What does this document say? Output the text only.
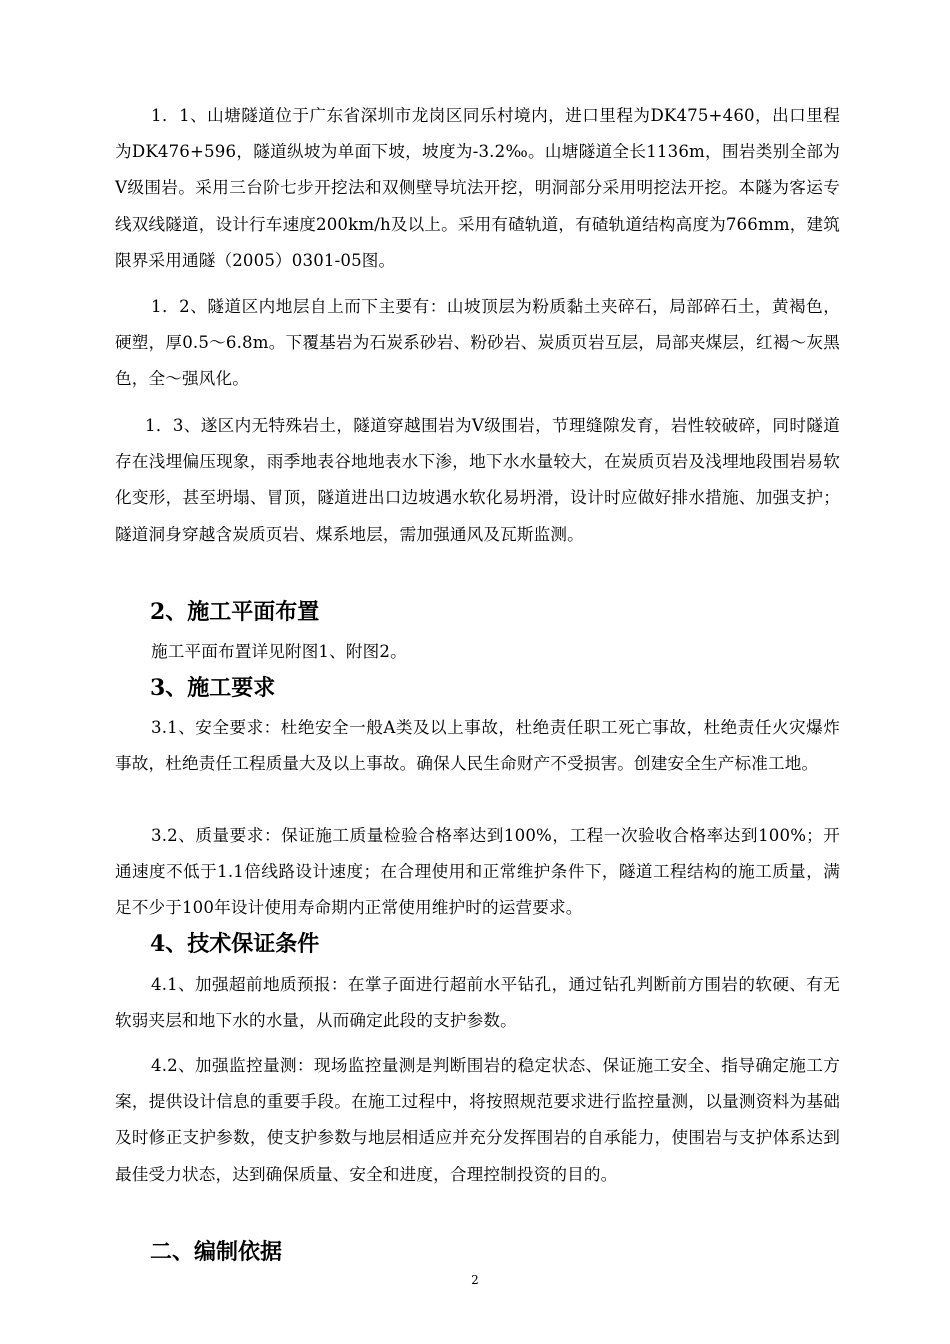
1．1、山塘隧道位于广东省深圳市龙岗区同乐村境内，进口里程为DK475+460，出口里程为DK476+596，隧道纵坡为单面下坡，坡度为-3.2‰。山塘隧道全长1136m，围岩类别全部为Ⅴ级围岩。采用三台阶七步开挖法和双侧壁导坑法开挖，明洞部分采用明挖法开挖。本隧为客运专线双线隧道，设计行车速度200km/h及以上。采用有碴轨道，有碴轨道结构高度为766mm，建筑限界采用通隧（2005）0301-05图。

1．2、隧道区内地层自上而下主要有：山坡顶层为粉质黏土夹碎石，局部碎石土，黄褐色，硬塑，厚0.5～6.8m。下覆基岩为石炭系砂岩、粉砂岩、炭质页岩互层，局部夹煤层，红褐～灰黑色，全～强风化。

1．3、遂区内无特殊岩土，隧道穿越围岩为Ⅴ级围岩，节理缝隙发育，岩性较破碎，同时隧道存在浅埋偏压现象，雨季地表谷地地表水下渗，地下水水量较大，在炭质页岩及浅埋地段围岩易软化变形，甚至坍塌、冒顶，隧道进出口边坡遇水软化易坍滑，设计时应做好排水措施、加强支护；隧道洞身穿越含炭质页岩、煤系地层，需加强通风及瓦斯监测。

2、施工平面布置

施工平面布置详见附图1、附图2。

3、施工要求

3.1、安全要求：杜绝安全一般A类及以上事故，杜绝责任职工死亡事故，杜绝责任火灾爆炸事故，杜绝责任工程质量大及以上事故。确保人民生命财产不受损害。创建安全生产标准工地。

3.2、质量要求：保证施工质量检验合格率达到100%，工程一次验收合格率达到100%；开通速度不低于1.1倍线路设计速度；在合理使用和正常维护条件下，隧道工程结构的施工质量，满足不少于100年设计使用寿命期内正常使用维护时的运营要求。

4、技术保证条件

4.1、加强超前地质预报：在掌子面进行超前水平钻孔，通过钻孔判断前方围岩的软硬、有无软弱夹层和地下水的水量，从而确定此段的支护参数。

4.2、加强监控量测：现场监控量测是判断围岩的稳定状态、保证施工安全、指导确定施工方案，提供设计信息的重要手段。在施工过程中，将按照规范要求进行监控量测，以量测资料为基础及时修正支护参数，使支护参数与地层相适应并充分发挥围岩的自承能力，使围岩与支护体系达到最佳受力状态，达到确保质量、安全和进度，合理控制投资的目的。

二、编制依据
2
